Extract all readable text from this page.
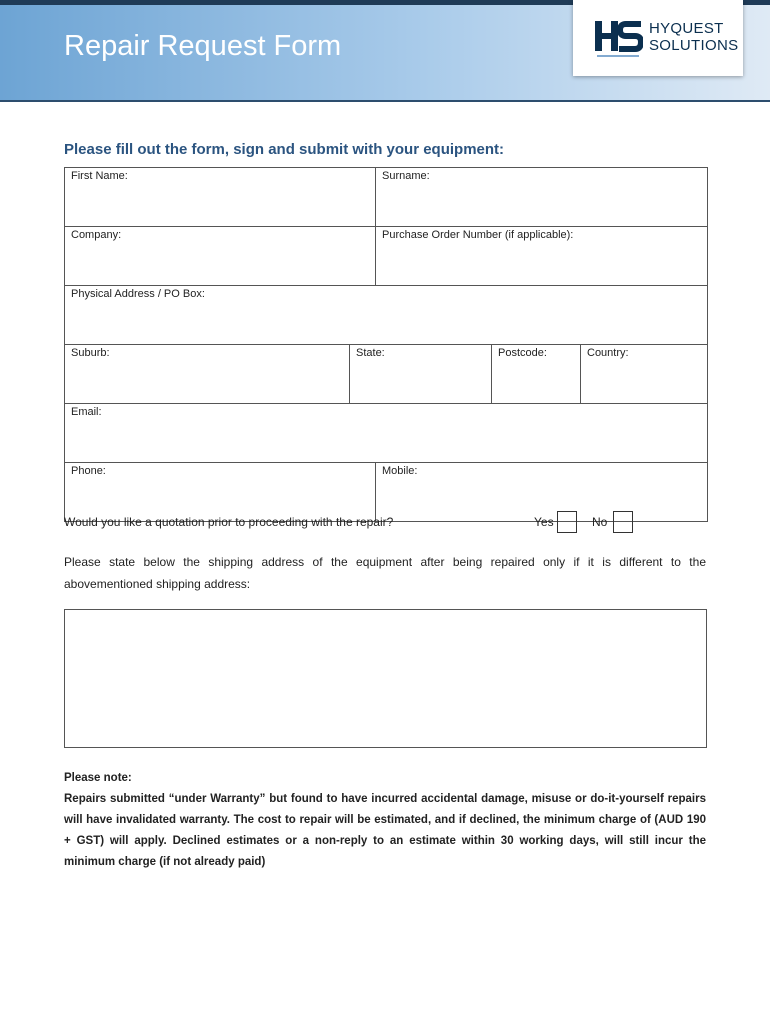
Repair Request Form
HYQUEST
SOLUTIONS
Please fill out the form, sign and submit with your equipment:
First Name:		Surname:		
Company:		Purchase Order Number (if applicable):		
Physical Address / PO Box:				
Suburb:	State:		Postcode:	Country:
Email:				
Phone:		Mobile:		
Would you like a quotation prior to proceeding with the repair?	Yes	No
Please state below the shipping address of the equipment after being repaired only if it is different to the abovementioned shipping address:
Please note:
Repairs submitted “under Warranty” but found to have incurred accidental damage, misuse or do-it-yourself repairs will have invalidated warranty. The cost to repair will be estimated, and if declined, the minimum charge of (AUD 190 + GST) will apply. Declined estimates or a non-reply to an estimate within 30 working days, will still incur the minimum charge (if not already paid)
